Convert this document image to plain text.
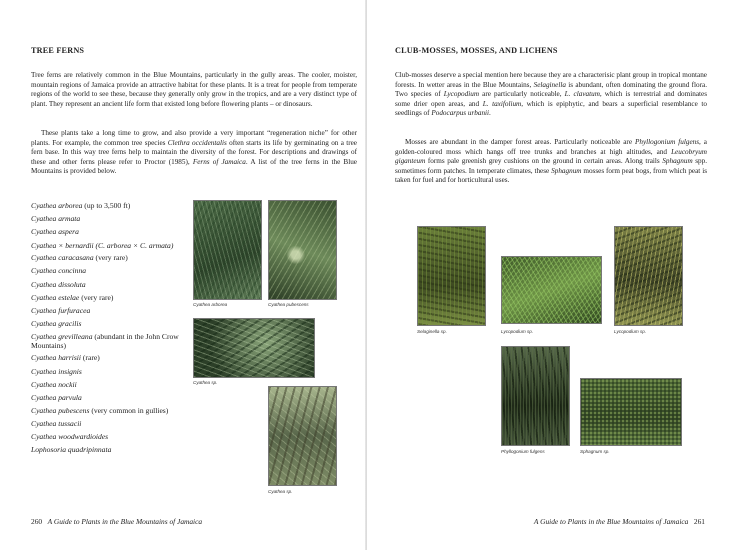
TREE FERNS

Tree ferns are relatively common in the Blue Mountains, particularly in the gully areas. The cooler, moister, mountain regions of Jamaica provide an attractive habitat for these plants. It is a treat for people from temperate regions of the world to see these, because they generally only grow in the tropics, and are a very distinct type of plant. They represent an ancient life form that existed long before flowering plants – or dinosaurs.

These plants take a long time to grow, and also provide a very important “regeneration niche” for other plants. For example, the common tree species Clethra occidentalis often starts its life by germinating on a tree fern base. In this way tree ferns help to maintain the diversity of the forest. For descriptions and drawings of these and other ferns please refer to Proctor (1985), Ferns of Jamaica. A list of the tree ferns in the Blue Mountains is provided below.

Cyathea arborea (up to 3,500 ft)
Cyathea armata
Cyathea aspera
Cyathea × bernardii (C. arborea × C. armata)
Cyathea caracasana (very rare)
Cyathea concinna
Cyathea dissoluta
Cyathea estelae (very rare)
Cyathea furfuracea
Cyathea gracilis
Cyathea grevilleana (abundant in the John Crow Mountains)
Cyathea harrisii (rare)
Cyathea insignis
Cyathea nockii
Cyathea parvula
Cyathea pubescens (very common in gullies)
Cyathea tussacii
Cyathea woodwardioides
Lophosoria quadripinnata
Cyathea arborea	Cyathea pubescens
Cyathea sp.
Cyathea sp.
260 A Guide to Plants in the Blue Mountains of Jamaica
CLUB-MOSSES, MOSSES, AND LICHENS

Club-mosses deserve a special mention here because they are a characterisic plant group in tropical montane forests. In wetter areas in the Blue Mountains, Selaginella is abundant, often dominating the ground flora. Two species of Lycopodium are particularly noticeable, L. clavatum, which is terrestrial and dominates some drier open areas, and L. taxifolium, which is epiphytic, and bears a superficial resemblance to seedlings of Podocarpus urbanii.

Mosses are abundant in the damper forest areas. Particularly noticeable are Phyllogonium fulgens, a golden-coloured moss which hangs off tree trunks and branches at high altitudes, and Leucobryum giganteum forms pale greenish grey cushions on the ground in certain areas. Along trails Sphagnum spp. sometimes form patches. In temperate climates, these Sphagnum mosses form peat bogs, from which peat is taken for fuel and for horticultural uses.

Selaginella sp.	Lycopodium sp.	Lycopodium sp.
Phyllogonium fulgens	Sphagnum sp.
A Guide to Plants in the Blue Mountains of Jamaica 261
